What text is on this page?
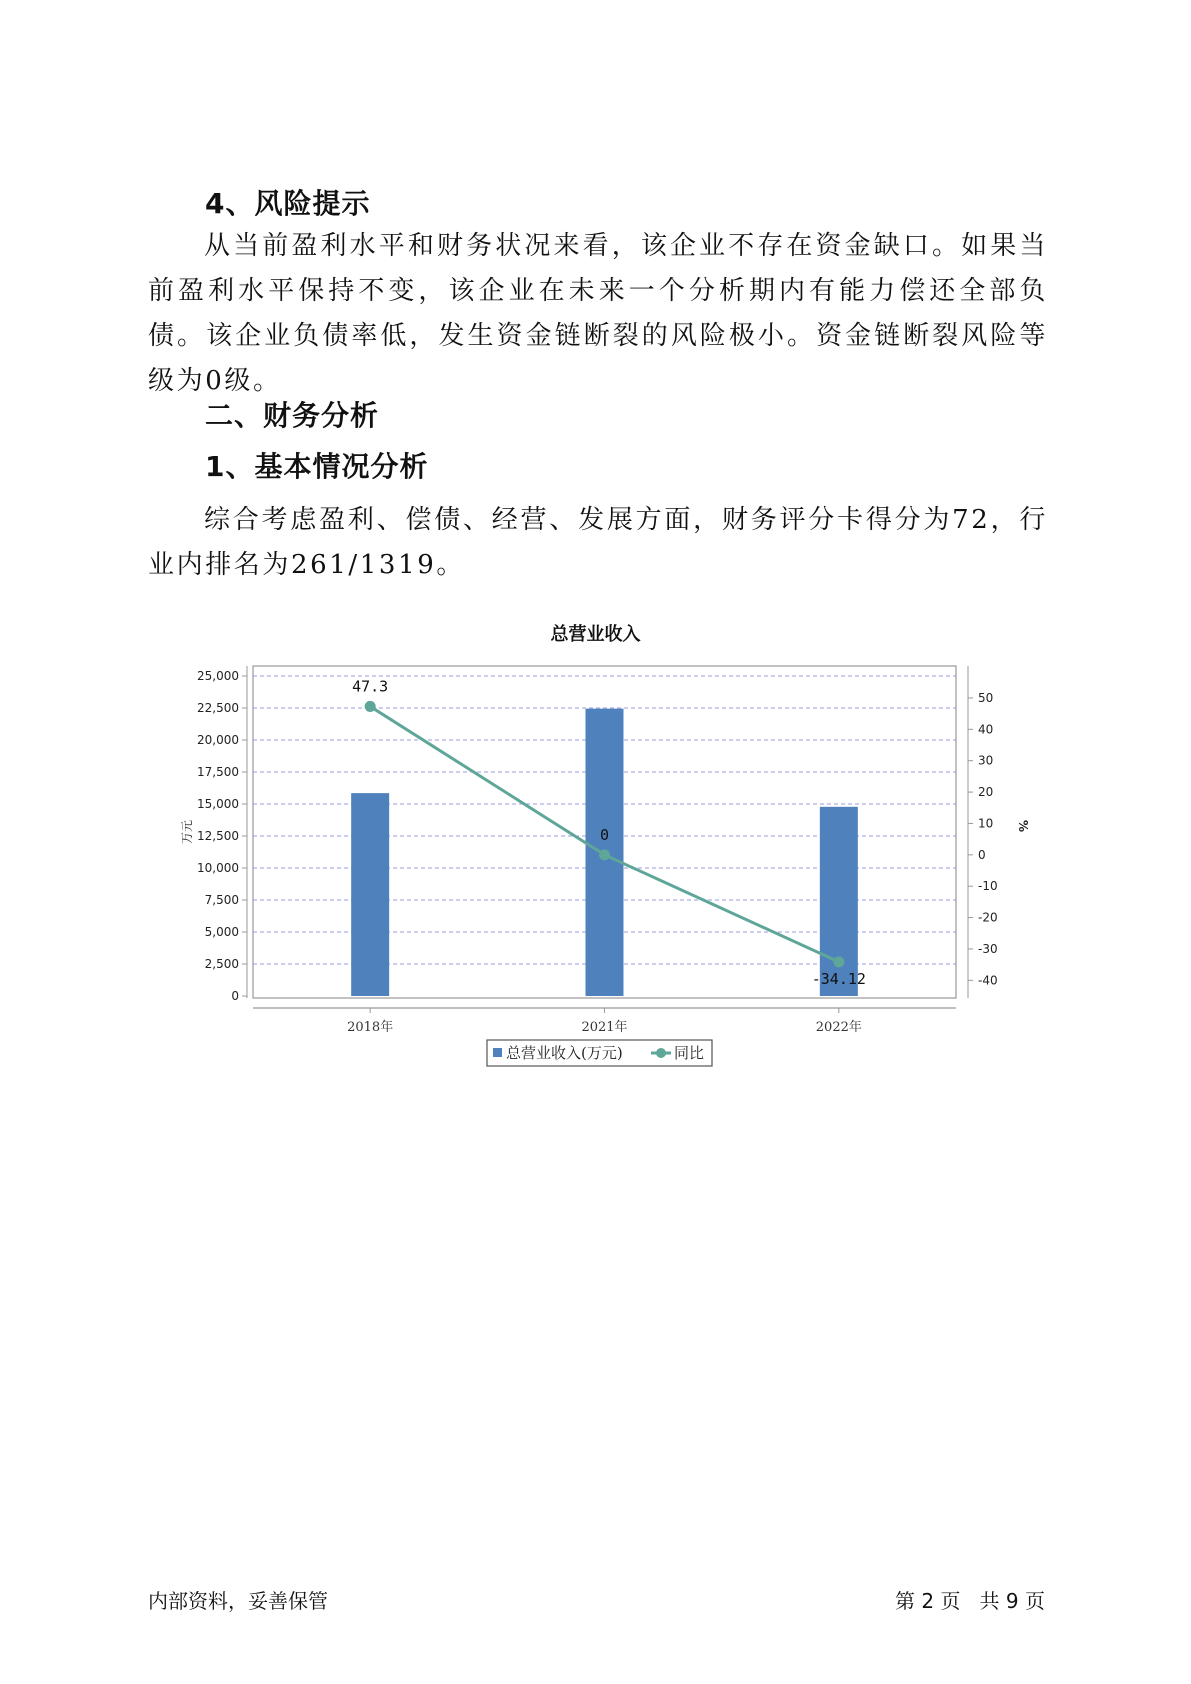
4、风险提示

从当前盈利水平和财务状况来看，该企业不存在资金缺口。如果当前盈利水平保持不变，该企业在未来一个分析期内有能力偿还全部负债。该企业负债率低，发生资金链断裂的风险极小。资金链断裂风险等级为0级。

二、财务分析
1、基本情况分析

综合考虑盈利、偿债、经营、发展方面，财务评分卡得分为72，行业内排名为261/1319。

总营业收入
0
2,500
5,000
7,500
10,000
12,500
15,000
17,500
20,000
22,500
25,000
-40
-30
-20
-10
0
10
20
30
40
50
万元	%
2018年	2021年	2022年
47.3
0
-34.12
总营业收入(万元)	同比
内部资料，妥善保管	第 2 页   共 9 页
